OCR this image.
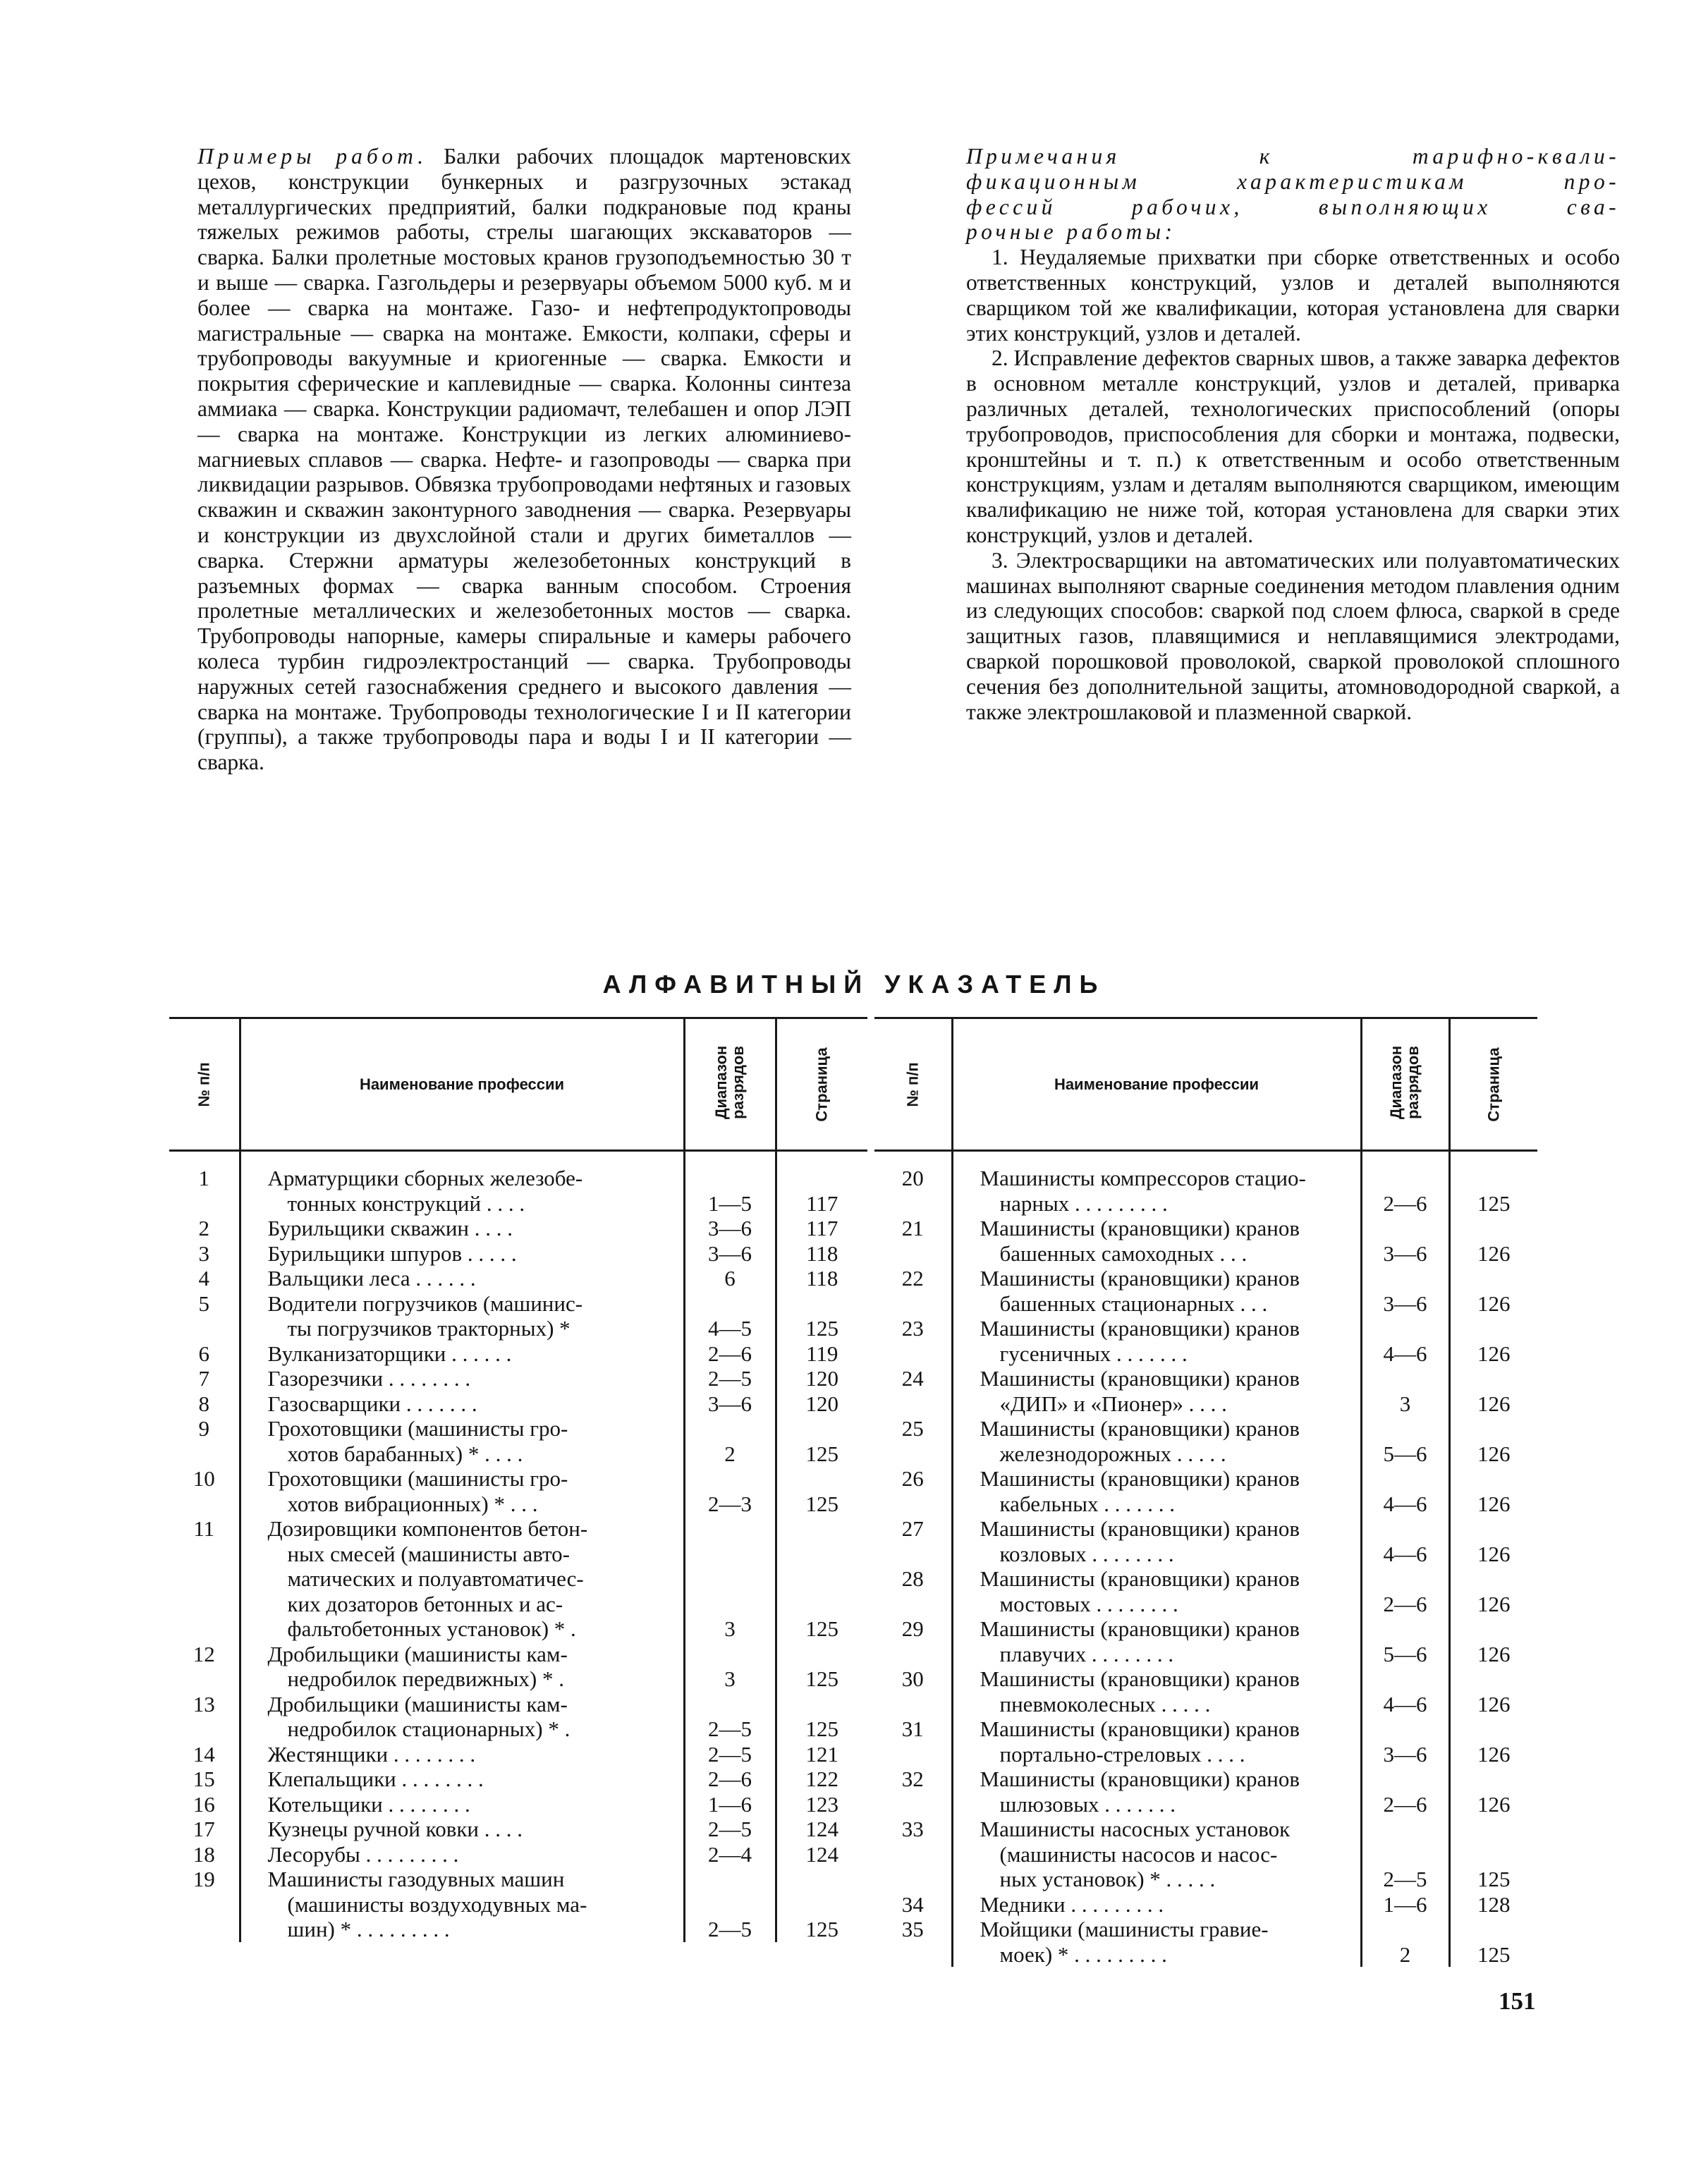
Примеры работ. Балки рабочих площадок мартеновских цехов, конструкции бункерных и разгрузочных эстакад металлургических предприятий, балки подкрановые под краны тяжелых режимов работы, стрелы шагающих экскаваторов — сварка. Балки пролетные мостовых кранов грузоподъемностью 30 т и выше — сварка. Газгольдеры и резервуары объемом 5000 куб. м и более — сварка на монтаже. Газо- и нефтепродуктопроводы магистральные — сварка на монтаже. Емкости, колпаки, сферы и трубопроводы вакуумные и криогенные — сварка. Емкости и покрытия сферические и каплевидные — сварка. Колонны синтеза аммиака — сварка. Конструкции радиомачт, телебашен и опор ЛЭП — сварка на монтаже. Конструкции из легких алюминиево-магниевых сплавов — сварка. Нефте- и газопроводы — сварка при ликвидации разрывов. Обвязка трубопроводами нефтяных и газовых скважин и скважин законтурного заводнения — сварка. Резервуары и конструкции из двухслойной стали и других биметаллов — сварка. Стержни арматуры железобетонных конструкций в разъемных формах — сварка ванным способом. Строения пролетные металлических и железобетонных мостов — сварка. Трубопроводы напорные, камеры спиральные и камеры рабочего колеса турбин гидроэлектростанций — сварка. Трубопроводы наружных сетей газоснабжения среднего и высокого давления — сварка на монтаже. Трубопроводы технологические I и II категории (группы), а также трубопроводы пара и воды I и II категории — сварка.

Примечания к тарифно-квали-
фикационным характеристикам про-
фессий рабочих, выполняющих сва-
рочные работы:

1. Неудаляемые прихватки при сборке ответственных и особо ответственных конструкций, узлов и деталей выполняются сварщиком той же квалификации, которая установлена для сварки этих конструкций, узлов и деталей.

2. Исправление дефектов сварных швов, а также заварка дефектов в основном металле конструкций, узлов и деталей, приварка различных деталей, технологических приспособлений (опоры трубопроводов, приспособления для сборки и монтажа, подвески, кронштейны и т. п.) к ответственным и особо ответственным конструкциям, узлам и деталям выполняются сварщиком, имеющим квалификацию не ниже той, которая установлена для сварки этих конструкций, узлов и деталей.

3. Электросварщики на автоматических или полуавтоматических машинах выполняют сварные соединения методом плавления одним из следующих способов: сваркой под слоем флюса, сваркой в среде защитных газов, плавящимися и неплавящимися электродами, сваркой порошковой проволокой, сваркой проволокой сплошного сечения без дополнительной защиты, атомноводородной сваркой, а также электрошлаковой и плазменной сваркой.

АЛФАВИТНЫЙ УКАЗАТЕЛЬ
№ п/п	Наименование профессии	Диапазон
разрядов	Страница
1	Арматурщики сборных железобе-
тонных конструкций . . . .	1—5	117
2	Бурильщики скважин . . . .	3—6	117
3	Бурильщики шпуров . . . . .	3—6	118
4	Вальщики леса . . . . . .	6	118
5	Водители погрузчиков (машинис-
ты погрузчиков тракторных) *	4—5	125
6	Вулканизаторщики . . . . . .	2—6	119
7	Газорезчики . . . . . . . .	2—5	120
8	Газосварщики . . . . . . .	3—6	120
9	Грохотовщики (машинисты гро-
хотов барабанных) * . . . .	2	125
10	Грохотовщики (машинисты гро-
хотов вибрационных) * . . .	2—3	125
11	Дозировщики компонентов бетон-
ных смесей (машинисты авто-
матических и полуавтоматичес-
ких дозаторов бетонных и ас-
фальтобетонных установок) * .	3	125
12	Дробильщики (машинисты кам-
недробилок передвижных) * .	3	125
13	Дробильщики (машинисты кам-
недробилок стационарных) * .	2—5	125
14	Жестянщики . . . . . . . .	2—5	121
15	Клепальщики . . . . . . . .	2—6	122
16	Котельщики . . . . . . . .	1—6	123
17	Кузнецы ручной ковки . . . .	2—5	124
18	Лесорубы . . . . . . . . .	2—4	124
19	Машинисты газодувных машин
(машинисты воздуходувных ма-
шин) * . . . . . . . . .	2—5	125
№ п/п	Наименование профессии	Диапазон
разрядов	Страница
20	Машинисты компрессоров стацио-
нарных . . . . . . . . .	2—6	125
21	Машинисты (крановщики) кранов
башенных самоходных . . .	3—6	126
22	Машинисты (крановщики) кранов
башенных стационарных . . .	3—6	126
23	Машинисты (крановщики) кранов
гусеничных . . . . . . .	4—6	126
24	Машинисты (крановщики) кранов
«ДИП» и «Пионер» . . . .	3	126
25	Машинисты (крановщики) кранов
железнодорожных . . . . .	5—6	126
26	Машинисты (крановщики) кранов
кабельных . . . . . . .	4—6	126
27	Машинисты (крановщики) кранов
козловых . . . . . . . .	4—6	126
28	Машинисты (крановщики) кранов
мостовых . . . . . . . .	2—6	126
29	Машинисты (крановщики) кранов
плавучих . . . . . . . .	5—6	126
30	Машинисты (крановщики) кранов
пневмоколесных . . . . .	4—6	126
31	Машинисты (крановщики) кранов
портально-стреловых . . . .	3—6	126
32	Машинисты (крановщики) кранов
шлюзовых . . . . . . .	2—6	126
33	Машинисты насосных установок
(машинисты насосов и насос-
ных установок) * . . . . .	2—5	125
34	Медники . . . . . . . . .	1—6	128
35	Мойщики (машинисты гравие-
моек) * . . . . . . . . .	2	125
151
